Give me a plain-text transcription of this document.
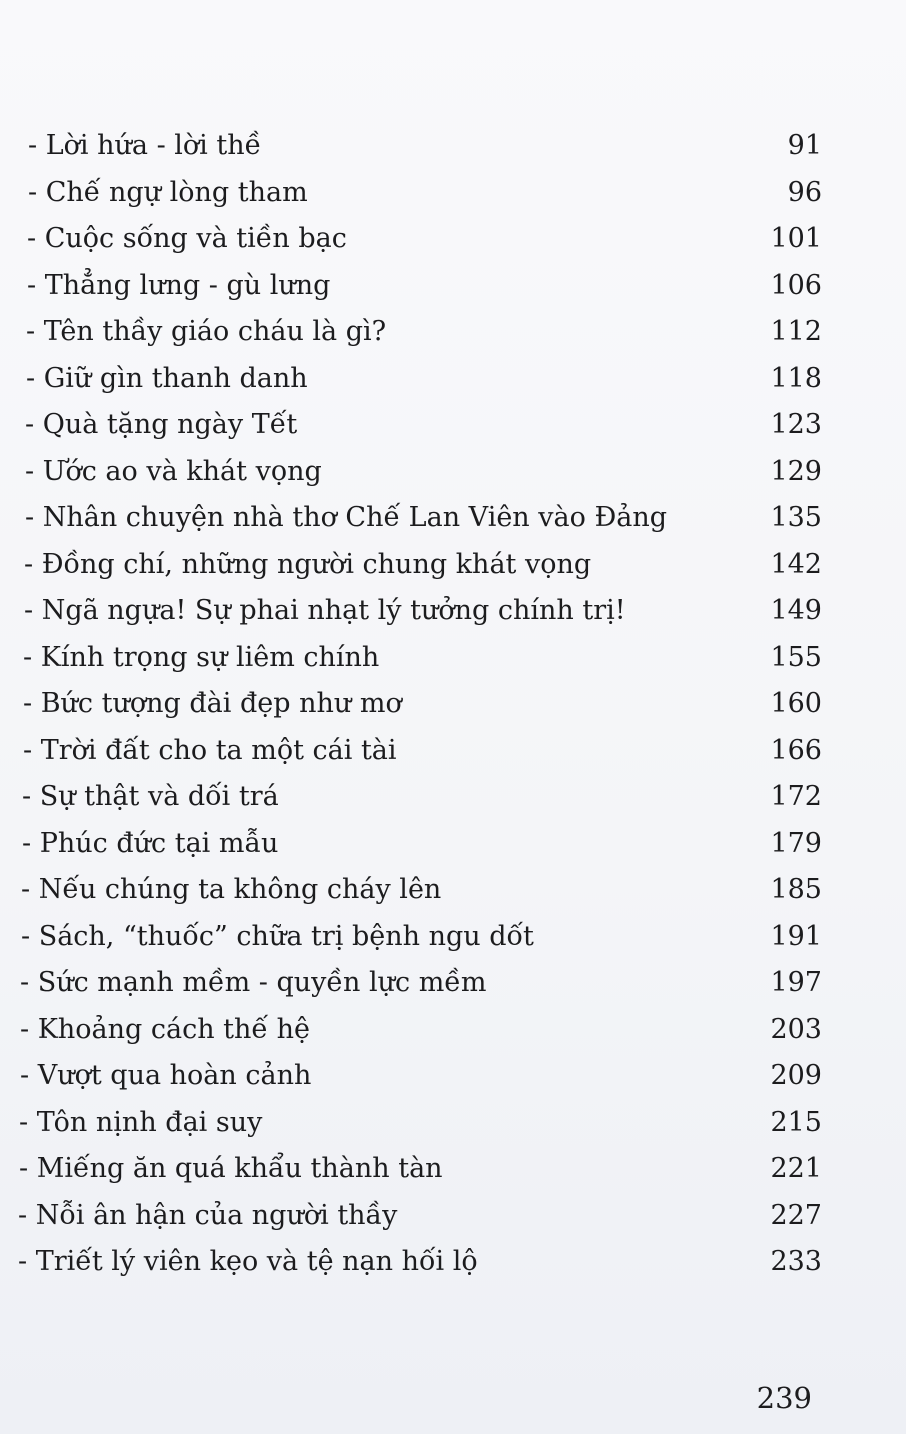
- Lời hứa - lời thề	91
- Chế ngự lòng tham	96
- Cuộc sống và tiền bạc	101
- Thẳng lưng - gù lưng	106
- Tên thầy giáo cháu là gì?	112
- Giữ gìn thanh danh	118
- Quà tặng ngày Tết	123
- Ước ao và khát vọng	129
- Nhân chuyện nhà thơ Chế Lan Viên vào Đảng	135
- Đồng chí, những người chung khát vọng	142
- Ngã ngựa! Sự phai nhạt lý tưởng chính trị!	149
- Kính trọng sự liêm chính	155
- Bức tượng đài đẹp như mơ	160
- Trời đất cho ta một cái tài	166
- Sự thật và dối trá	172
- Phúc đức tại mẫu	179
- Nếu chúng ta không cháy lên	185
- Sách, “thuốc” chữa trị bệnh ngu dốt	191
- Sức mạnh mềm - quyền lực mềm	197
- Khoảng cách thế hệ	203
- Vượt qua hoàn cảnh	209
- Tôn nịnh đại suy	215
- Miếng ăn quá khẩu thành tàn	221
- Nỗi ân hận của người thầy	227
- Triết lý viên kẹo và tệ nạn hối lộ	233
239
